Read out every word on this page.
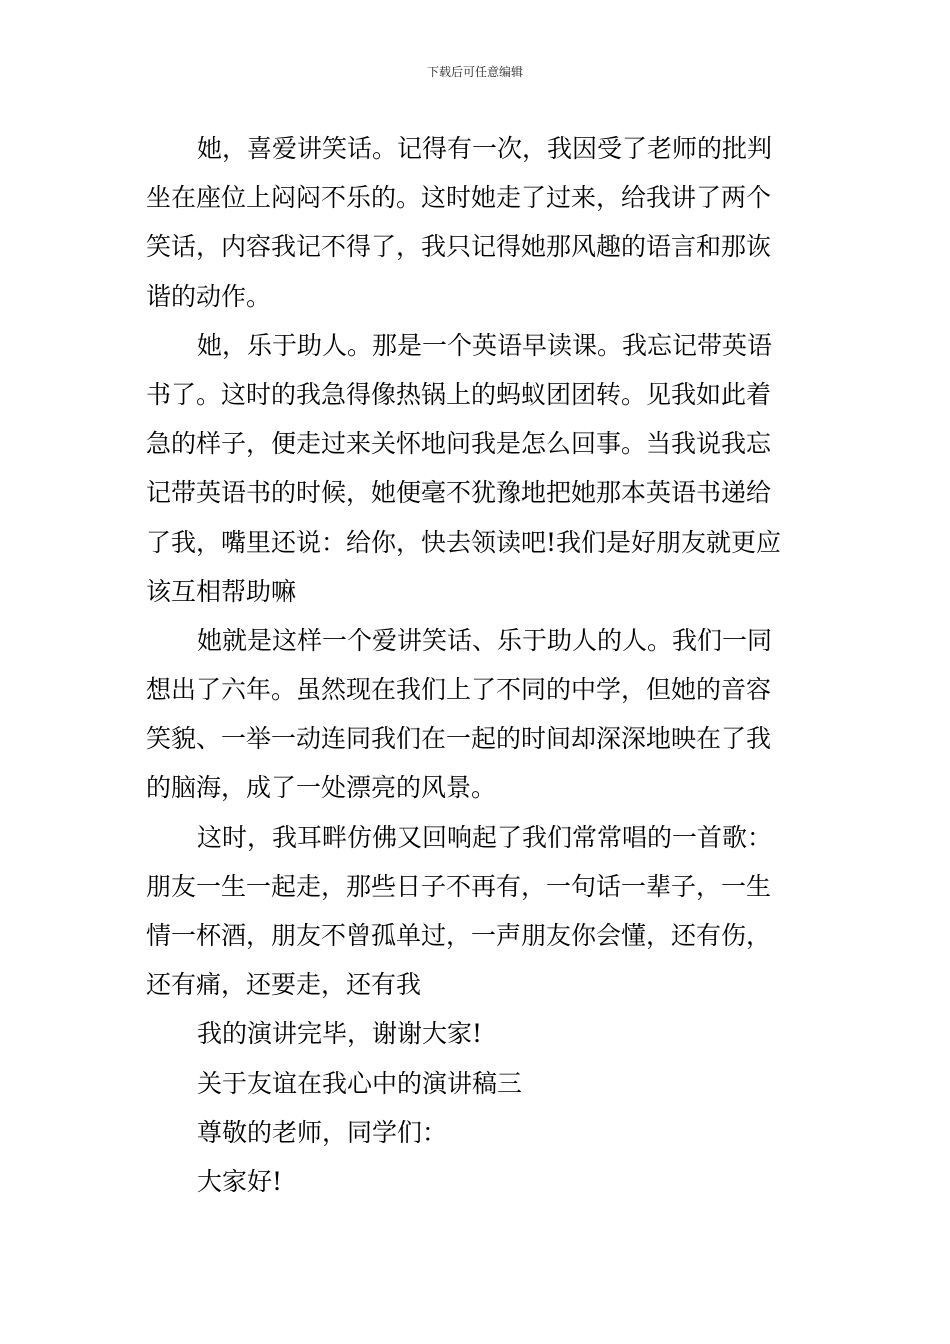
下载后可任意编辑
她，喜爱讲笑话。记得有一次，我因受了老师的批判
坐在座位上闷闷不乐的。这时她走了过来，给我讲了两个
笑话，内容我记不得了，我只记得她那风趣的语言和那诙
谐的动作。
她，乐于助人。那是一个英语早读课。我忘记带英语
书了。这时的我急得像热锅上的蚂蚁团团转。见我如此着
急的样子，便走过来关怀地问我是怎么回事。当我说我忘
记带英语书的时候，她便毫不犹豫地把她那本英语书递给
了我，嘴里还说：给你，快去领读吧!我们是好朋友就更应
该互相帮助嘛
她就是这样一个爱讲笑话、乐于助人的人。我们一同
想出了六年。虽然现在我们上了不同的中学，但她的音容
笑貌、一举一动连同我们在一起的时间却深深地映在了我
的脑海，成了一处漂亮的风景。
这时，我耳畔仿佛又回响起了我们常常唱的一首歌：
朋友一生一起走，那些日子不再有，一句话一辈子，一生
情一杯酒，朋友不曾孤单过，一声朋友你会懂，还有伤，
还有痛，还要走，还有我
我的演讲完毕，谢谢大家!
关于友谊在我心中的演讲稿三
尊敬的老师，同学们：
大家好!
